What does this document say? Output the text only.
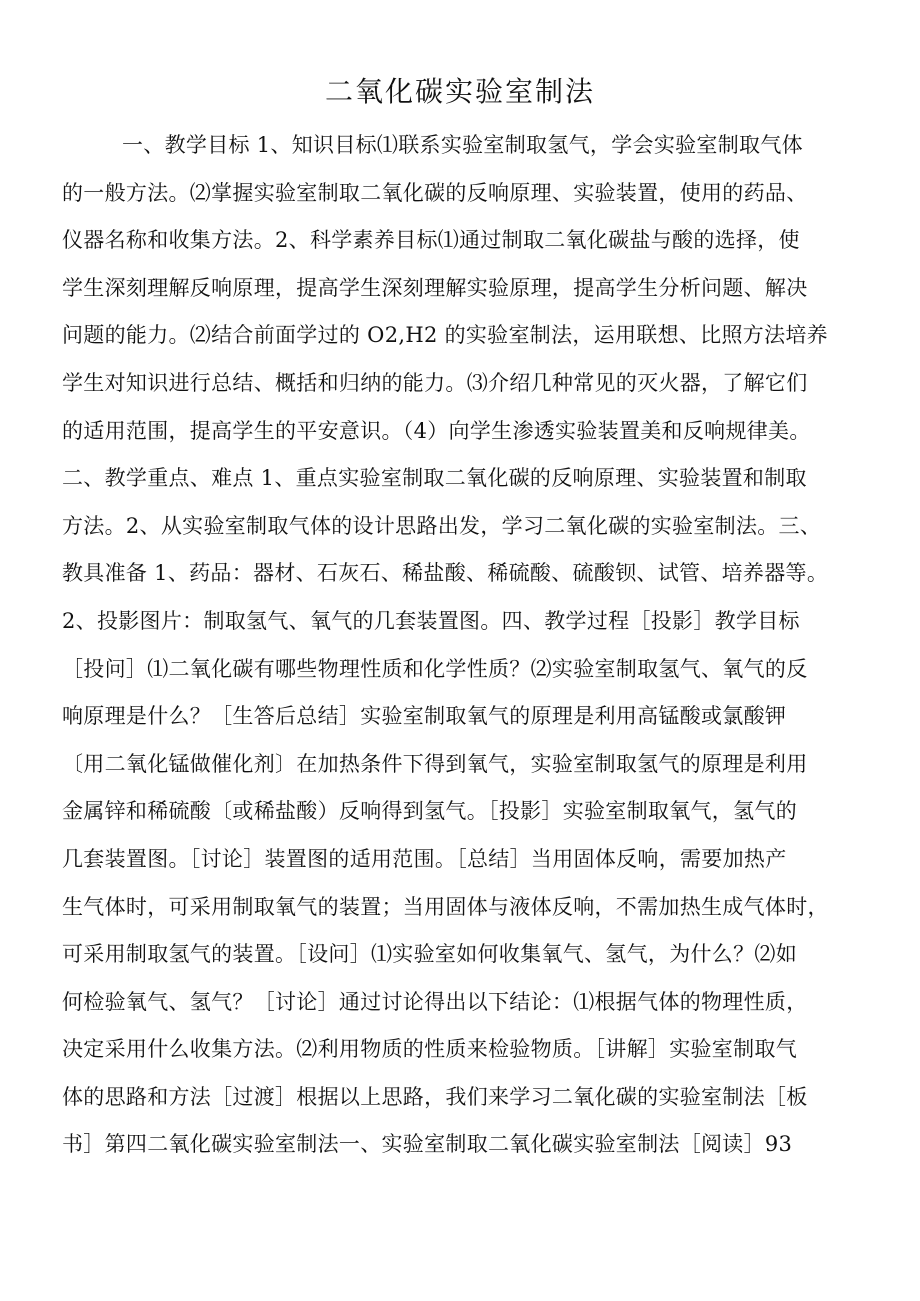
二氧化碳实验室制法
一、教学目标 1、知识目标⑴联系实验室制取氢气，学会实验室制取气体
的一般方法。⑵掌握实验室制取二氧化碳的反响原理、实验装置，使用的药品、
仪器名称和收集方法。2、科学素养目标⑴通过制取二氧化碳盐与酸的选择，使
学生深刻理解反响原理，提高学生深刻理解实验原理，提高学生分析问题、解决
问题的能力。⑵结合前面学过的 O2,H2 的实验室制法，运用联想、比照方法培养
学生对知识进行总结、概括和归纳的能力。⑶介绍几种常见的灭火器，了解它们
的适用范围，提高学生的平安意识。（4）向学生渗透实验装置美和反响规律美。
二、教学重点、难点 1、重点实验室制取二氧化碳的反响原理、实验装置和制取
方法。2、从实验室制取气体的设计思路出发，学习二氧化碳的实验室制法。三、
教具准备 1、药品：器材、石灰石、稀盐酸、稀硫酸、硫酸钡、试管、培养器等。
2、投影图片：制取氢气、氧气的几套装置图。四、教学过程［投影］教学目标
［投问］⑴二氧化碳有哪些物理性质和化学性质？⑵实验室制取氢气、氧气的反
响原理是什么？［生答后总结］实验室制取氧气的原理是利用高锰酸或氯酸钾
〔用二氧化锰做催化剂〕在加热条件下得到氧气，实验室制取氢气的原理是利用
金属锌和稀硫酸〔或稀盐酸）反响得到氢气。［投影］实验室制取氧气，氢气的
几套装置图。［讨论］装置图的适用范围。［总结］当用固体反响，需要加热产
生气体时，可采用制取氧气的装置；当用固体与液体反响，不需加热生成气体时，
可采用制取氢气的装置。［设问］⑴实验室如何收集氧气、氢气，为什么？⑵如
何检验氧气、氢气？［讨论］通过讨论得出以下结论：⑴根据气体的物理性质，
决定采用什么收集方法。⑵利用物质的性质来检验物质。［讲解］实验室制取气
体的思路和方法［过渡］根据以上思路，我们来学习二氧化碳的实验室制法［板
书］第四二氧化碳实验室制法一、实验室制取二氧化碳实验室制法［阅读］93
